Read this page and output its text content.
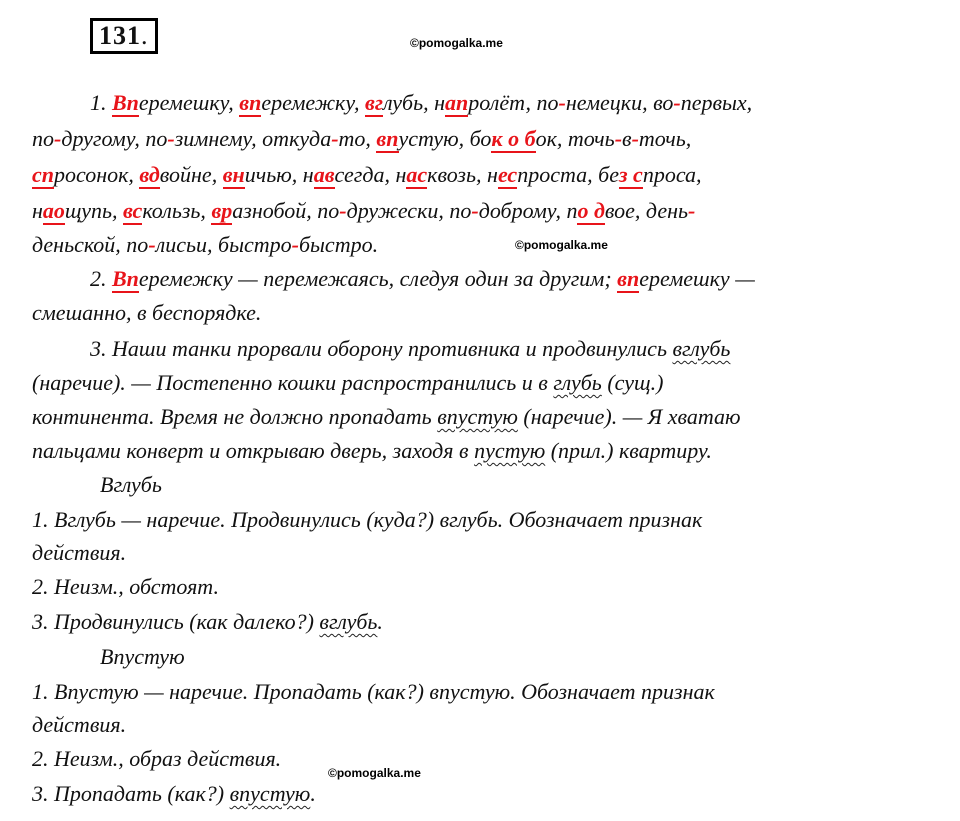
131.	©pomogalka.me
1. Вперемешку, вперемежку, вглубь, напролёт, по-немецки, во-первых,
по-другому, по-зимнему, откуда-то, впустую, бок о бок, точь-в-точь,
спросонок, вдвойне, вничью, навсегда, насквозь, неспроста, без спроса,
наощупь, вскользь, вразнобой, по-дружески, по-доброму, по двое, день-
деньской, по-лисьи, быстро-быстро.	©pomogalka.me
2. Вперемежку — перемежаясь, следуя один за другим; вперемешку —
смешанно, в беспорядке.
3. Наши танки прорвали оборону противника и продвинулись вглубь
(наречие). — Постепенно кошки распространились и в глубь (сущ.)
континента. Время не должно пропадать впустую (наречие). — Я хватаю
пальцами конверт и открываю дверь, заходя в пустую (прил.) квартиру.
Вглубь
1. Вглубь — наречие. Продвинулись (куда?) вглубь. Обозначает признак
действия.
2. Неизм., обстоят.
3. Продвинулись (как далеко?) вглубь.
Впустую
1. Впустую — наречие. Пропадать (как?) впустую. Обозначает признак
действия.
2. Неизм., образ действия.
©pomogalka.me
3. Пропадать (как?) впустую.
